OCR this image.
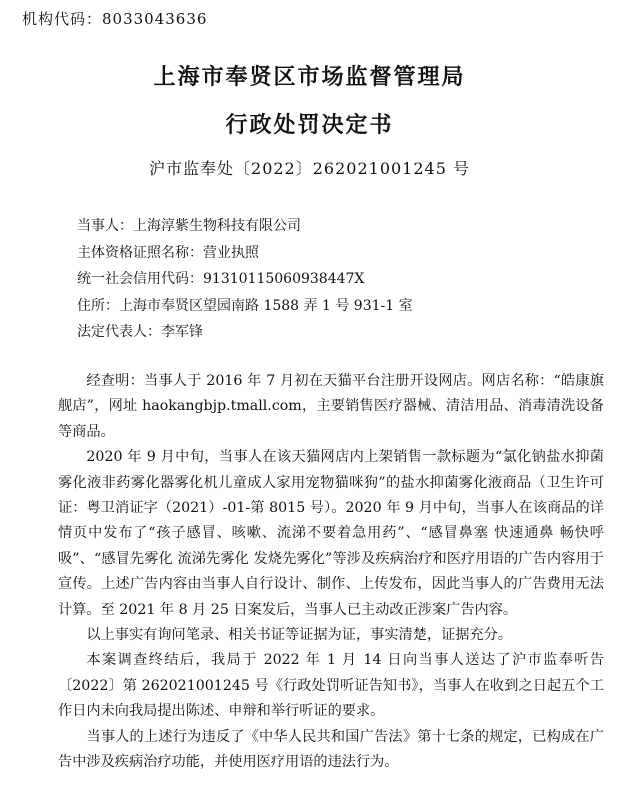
机构代码：8033043636
上海市奉贤区市场监督管理局
行政处罚决定书
沪市监奉处〔2022〕262021001245 号
当事人：上海淳紫生物科技有限公司
主体资格证照名称：营业执照
统一社会信用代码：91310115060938447X
住所：上海市奉贤区望园南路 1588 弄 1 号 931-1 室
法定代表人：李军锋

经查明：当事人于 2016 年 7 月初在天猫平台注册开设网店。网店名称：“皓康旗舰店”，网址 haokangbjp.tmall.com，主要销售医疗器械、清洁用品、消毒清洗设备等商品。

2020 年 9 月中旬，当事人在该天猫网店内上架销售一款标题为“氯化钠盐水抑菌雾化液非药雾化器雾化机儿童成人家用宠物猫咪狗”的盐水抑菌雾化液商品（卫生许可证：粤卫消证字（2021）-01-第 8015 号）。2020 年 9 月中旬，当事人在该商品的详情页中发布了“孩子感冒、咳嗽、流涕不要着急用药”、“感冒鼻塞 快速通鼻 畅快呼吸”、“感冒先雾化 流涕先雾化 发烧先雾化”等涉及疾病治疗和医疗用语的广告内容用于宣传。上述广告内容由当事人自行设计、制作、上传发布，因此当事人的广告费用无法计算。至 2021 年 8 月 25 日案发后，当事人已主动改正涉案广告内容。

以上事实有询问笔录、相关书证等证据为证，事实清楚，证据充分。

本案调查终结后，我局于 2022 年 1 月 14 日向当事人送达了沪市监奉听告〔2022〕第 262021001245 号《行政处罚听证告知书》，当事人在收到之日起五个工作日内未向我局提出陈述、申辩和举行听证的要求。

当事人的上述行为违反了《中华人民共和国广告法》第十七条的规定，已构成在广告中涉及疾病治疗功能，并使用医疗用语的违法行为。
